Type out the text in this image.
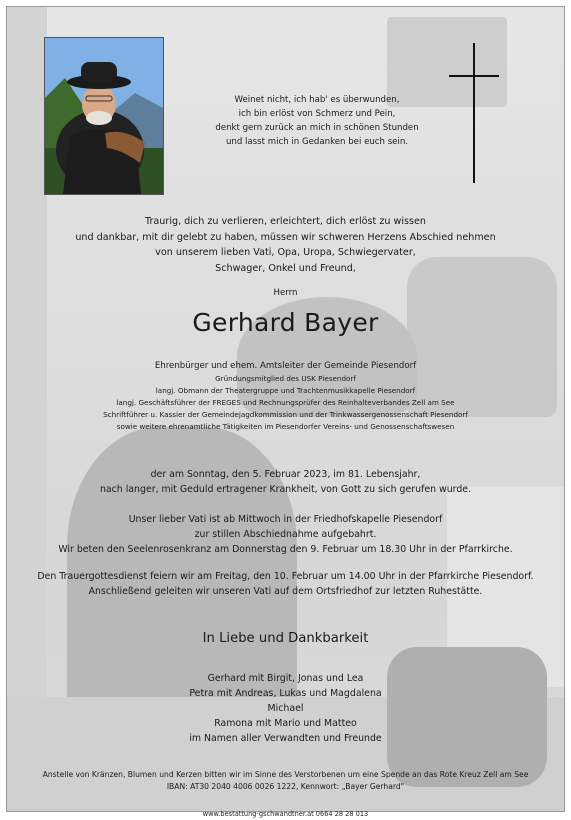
Weinet nicht, ich hab' es überwunden,
ich bin erlöst von Schmerz und Pein,
denkt gern zurück an mich in schönen Stunden
und lasst mich in Gedanken bei euch sein.
Traurig, dich zu verlieren, erleichtert, dich erlöst zu wissen
und dankbar, mit dir gelebt zu haben, müssen wir schweren Herzens Abschied nehmen
von unserem lieben Vati, Opa, Uropa, Schwiegervater,
Schwager, Onkel und Freund,
Herrn
Gerhard Bayer
Ehrenbürger und ehem. Amtsleiter der Gemeinde Piesendorf
Gründungsmitglied des USK Piesendorf
langj. Obmann der Theatergruppe und Trachtenmusikkapelle Piesendorf
langj. Geschäftsführer der FREGES und Rechnungsprüfer des Reinhalteverbandes Zell am See
Schriftführer u. Kassier der Gemeindejagdkommission und der Trinkwassergenossenschaft Piesendorf
sowie weitere ehrenamtliche Tätigkeiten im Piesendorfer Vereins- und Genossenschaftswesen
der am Sonntag, den 5. Februar 2023, im 81. Lebensjahr,
nach langer, mit Geduld ertragener Krankheit, von Gott zu sich gerufen wurde.
Unser lieber Vati ist ab Mittwoch in der Friedhofskapelle Piesendorf
zur stillen Abschiednahme aufgebahrt.
Wir beten den Seelenrosenkranz am Donnerstag den 9. Februar um 18.30 Uhr in der Pfarrkirche.
Den Trauergottesdienst feiern wir am Freitag, den 10. Februar um 14.00 Uhr in der Pfarrkirche Piesendorf.
Anschließend geleiten wir unseren Vati auf dem Ortsfriedhof zur letzten Ruhestätte.
In Liebe und Dankbarkeit
Gerhard mit Birgit, Jonas und Lea
Petra mit Andreas, Lukas und Magdalena
Michael
Ramona mit Mario und Matteo
im Namen aller Verwandten und Freunde
Anstelle von Kränzen, Blumen und Kerzen bitten wir im Sinne des Verstorbenen um eine Spende an das Rote Kreuz Zell am See
IBAN: AT30 2040 4006 0026 1222, Kennwort: „Bayer Gerhard"
www.bestattung-gschwandtner.at 0664 28 28 013
